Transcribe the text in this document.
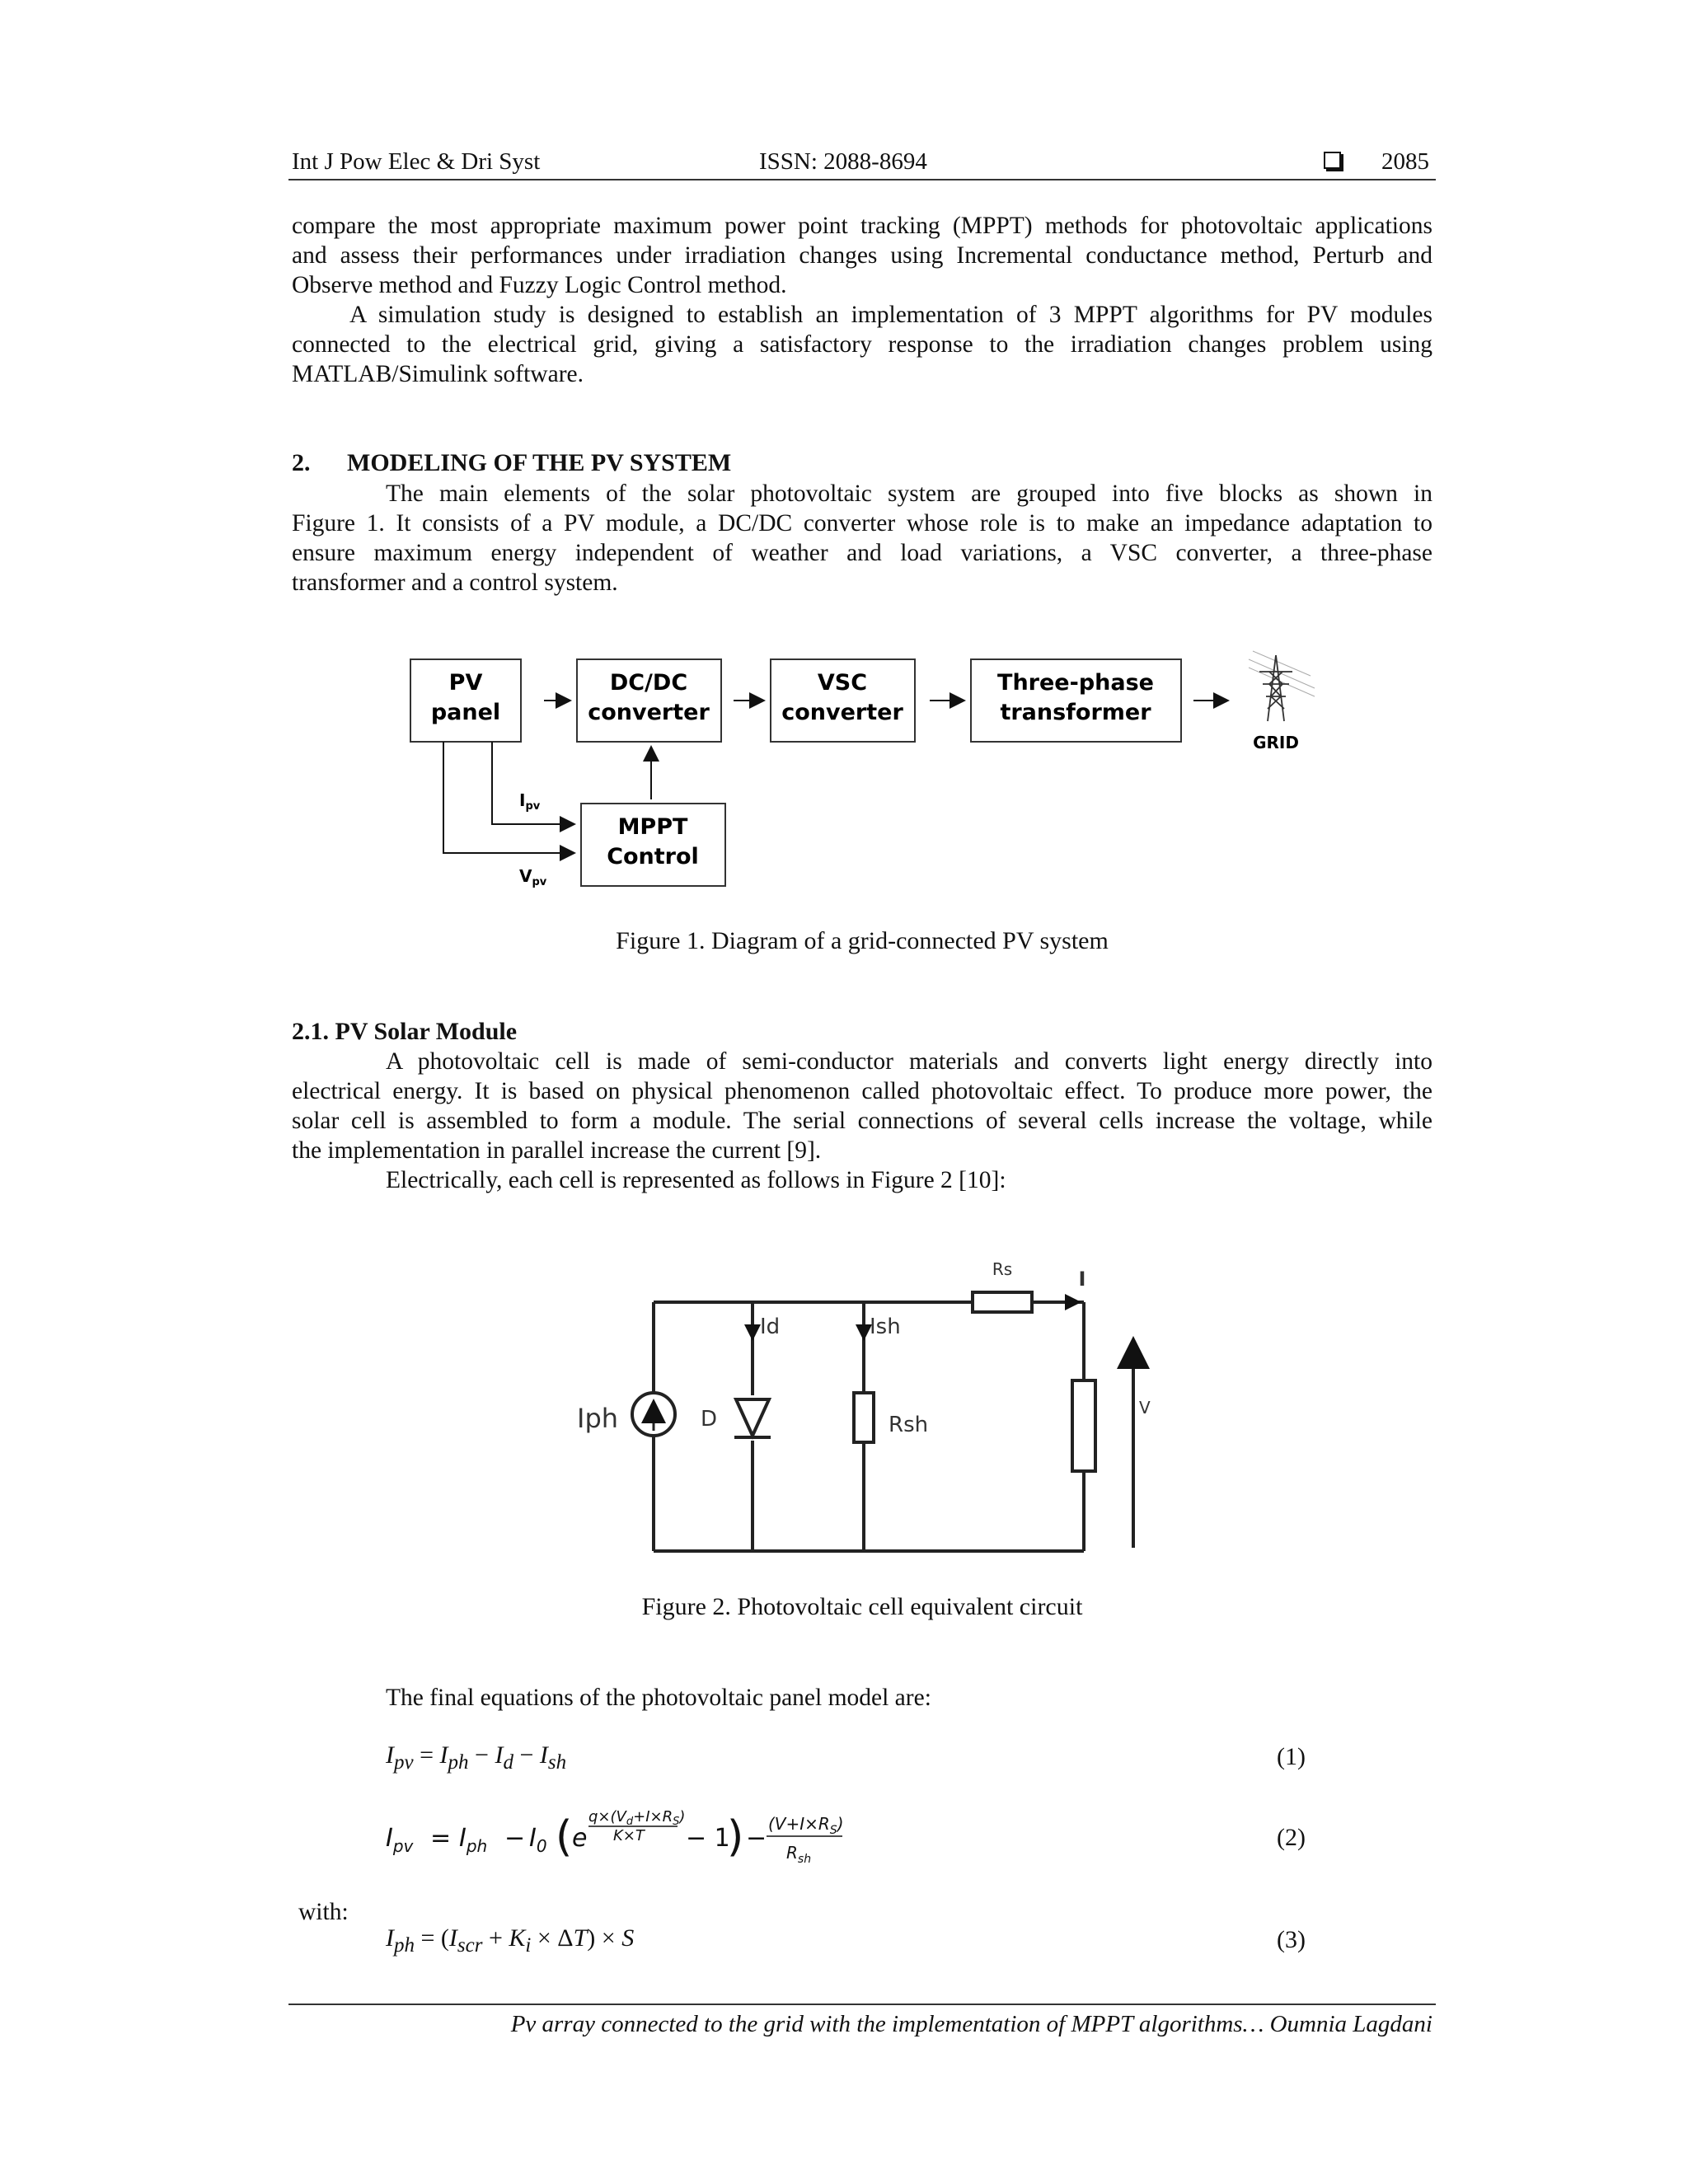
Int J Pow Elec & Dri Syst	ISSN: 2088-8694	2085
compare the most appropriate maximum power point tracking (MPPT) methods for photovoltaic applications
and assess their performances under irradiation changes using Incremental conductance method, Perturb and
Observe method and Fuzzy Logic Control method.
A simulation study is designed to establish an implementation of 3 MPPT algorithms for PV modules
connected to the electrical grid, giving a satisfactory response to the irradiation changes problem using
MATLAB/Simulink software.
2. MODELING OF THE PV SYSTEM
The main elements of the solar photovoltaic system are grouped into five blocks as shown in
Figure 1. It consists of a PV module, a DC/DC converter whose role is to make an impedance adaptation to
ensure maximum energy independent of weather and load variations, a VSC converter, a three-phase
transformer and a control system.
PV
panel
DC/DC
converter
VSC
converter
Three-phase
transformer
MPPT
Control
$I_{pv}$
$V_{pv}$
GRID
Figure 1. Diagram of a grid-connected PV system
2.1. PV Solar Module
A photovoltaic cell is made of semi-conductor materials and converts light energy directly into
electrical energy. It is based on physical phenomenon called photovoltaic effect. To produce more power, the
solar cell is assembled to form a module. The serial connections of several cells increase the voltage, while
the implementation in parallel increase the current [9].
Electrically, each cell is represented as follows in Figure 2 [10]:
Rs	I
Id	Ish
Iph	D	Rsh
V
Figure 2. Photovoltaic cell equivalent circuit
The final equations of the photovoltaic panel model are:
$I_{pv} = I_{ph} - I_d - I_{sh}$	(1)
$I_{pv} = I_{ph} - I_0$ ( e
$q\times(V_d+I\times R_S)$
K×T − 1
) − $(V+I\times R_S)$
$R_{sh}$
(2)
with:
$I_{ph} = (I_{scr} + K_i \times \Delta T) \times S$	(3)
Pv array connected to the grid with the implementation of MPPT algorithms… Oumnia Lagdani
